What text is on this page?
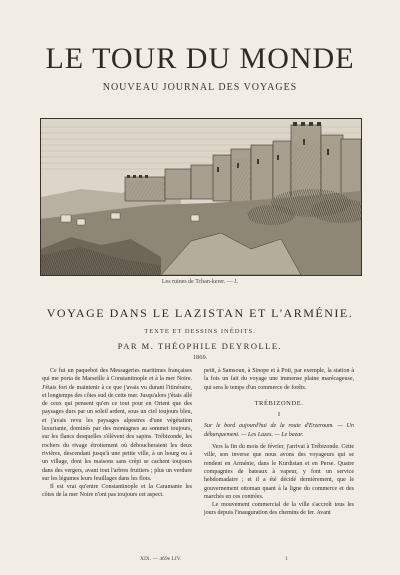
LE TOUR DU MONDE
NOUVEAU JOURNAL DES VOYAGES
Les ruines de Tchan-kerer. — J.
VOYAGE DANS LE LAZISTAN ET L'ARMÉNIE.
TEXTE ET DESSINS INÉDITS.
PAR M. THÉOPHILE DEYROLLE.
1869.

Ce fut un paquebot des Messageries maritimes françaises qui me porta de Marseille à Constantinople et à la mer Noire. J'étais fort de maintenir à ce que j'avais vu durant l'itinéraire, et longtemps des côtes sud de cette mer. Jusqu'alors j'étais allé de ceux qui pensent qu'en ce tout pour en Orient que des paysages durs par un soleil ardent, sous un ciel toujours bleu, et j'avais revu les paysages alpestres d'une végétation luxuriante, dominés par des montagnes au sommet toujours, sur les flancs desquelles s'élèvent des sapins. Trébizonde, les rochers du rivage étroitement où déboucheraient les deux rivières, descendant jusqu'à une petite ville, à un bourg ou à un village, dont les maisons sans crépi se cachent toujours dans des vergers, avant tout l'arbres fruitiers ; plus un verdure sur les légumes leurs feuillages dans les flots.

Il est vrai qu'entre Constantinople et la Caramanie les côtes de la mer Noire n'ont pas toujours cet aspect.

petit, à Samsoun, à Sinope et à Poti, par exemple, la station à la fois un fait du voyage une immense plaine marécageuse, qui sera le temps d'un commerce de forêts.

TRÉBIZONDE.
I

Sur le bord aujourd'hui de la route d'Erzeroum. — Un débarquement. — Les Lazes. — Le bazar.

Vers la fin du mois de février, j'arrivai à Trébizonde. Cette ville, son inverse que nous avons des voyageurs qui se rendent en Arménie, dans le Kurdistan et en Perse. Quatre compagnies de bateaux à vapeur, y font un service hebdomadaire ; et il a été décidé dernièrement, que le gouvernement ottoman quant à la ligne du commerce et des marchés en ces contrées.

Le mouvement commercial de la ville s'accroît tous les jours depuis l'inauguration des chemins de fer. Avant

XIX. — 469e LIV.	1
